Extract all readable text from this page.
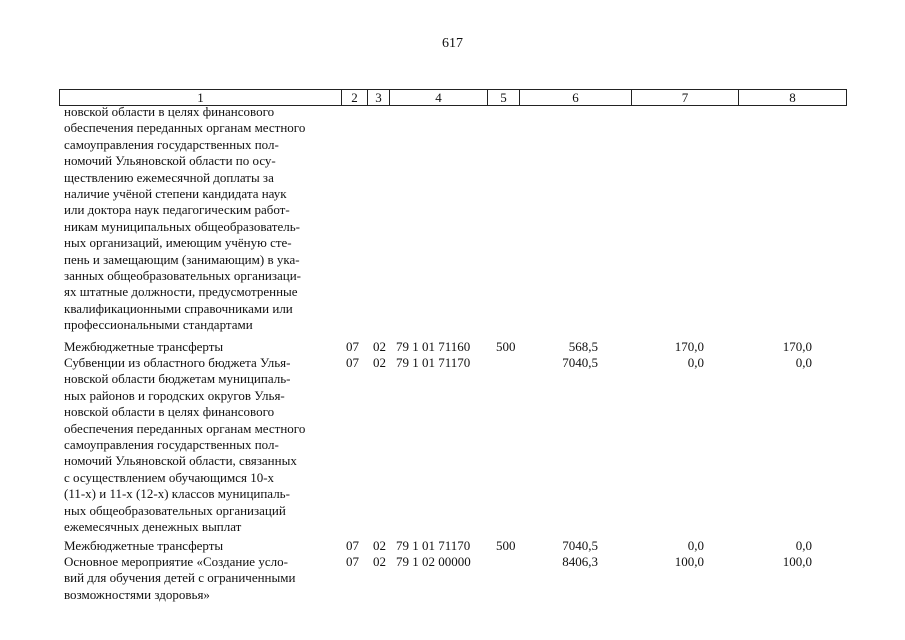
617
1	2	3	4	5	6	7	8
новской области в целях финансового
обеспечения переданных органам местного
самоуправления государственных пол-
номочий Ульяновской области по осу-
ществлению ежемесячной доплаты за
наличие учёной степени кандидата наук
или доктора наук педагогическим работ-
никам муниципальных общеобразователь-
ных организаций, имеющим учёную сте-
пень и замещающим (занимающим) в ука-
занных общеобразовательных организаци-
ях штатные должности, предусмотренные
квалификационными справочниками или
профессиональными стандартами
Межбюджетные трансферты	07 02 79 1 01 71160 500	568,5	170,0	170,0
Субвенции из областного бюджета Улья-
новской области бюджетам муниципаль-
ных районов и городских округов Улья-
новской области в целях финансового
обеспечения переданных органам местного
самоуправления государственных пол-
номочий Ульяновской области, связанных
с осуществлением обучающимся 10-х
(11-х) и 11-х (12-х) классов муниципаль-
ных общеобразовательных организаций
ежемесячных денежных выплат
07 02 79 1 01 71170	7040,5	0,0	0,0
Межбюджетные трансферты	07 02 79 1 01 71170 500	7040,5	0,0	0,0
Основное мероприятие «Создание усло-
вий для обучения детей с ограниченными
возможностями здоровья»
07 02 79 1 02 00000	8406,3	100,0	100,0
